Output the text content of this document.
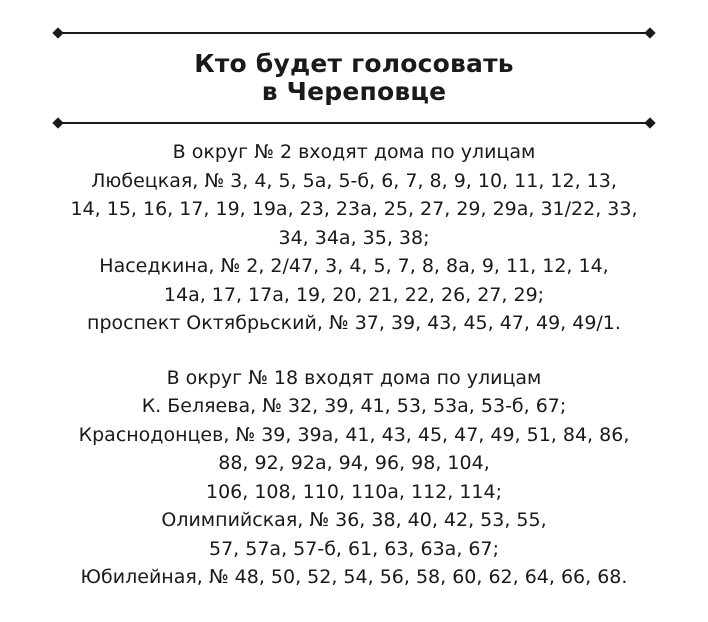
Кто будет голосовать
в Череповце
В округ № 2 входят дома по улицам
Любецкая, № 3, 4, 5, 5а, 5-б, 6, 7, 8, 9, 10, 11, 12, 13,
14, 15, 16, 17, 19, 19а, 23, 23а, 25, 27, 29, 29а, 31/22, 33,
34, 34а, 35, 38;
Наседкина, № 2, 2/47, 3, 4, 5, 7, 8, 8а, 9, 11, 12, 14,
14а, 17, 17а, 19, 20, 21, 22, 26, 27, 29;
проспект Октябрьский, № 37, 39, 43, 45, 47, 49, 49/1.
В округ № 18 входят дома по улицам
К. Беляева, № 32, 39, 41, 53, 53а, 53-б, 67;
Краснодонцев, № 39, 39а, 41, 43, 45, 47, 49, 51, 84, 86,
88, 92, 92а, 94, 96, 98, 104,
106, 108, 110, 110а, 112, 114;
Олимпийская, № 36, 38, 40, 42, 53, 55,
57, 57а, 57-б, 61, 63, 63а, 67;
Юбилейная, № 48, 50, 52, 54, 56, 58, 60, 62, 64, 66, 68.
